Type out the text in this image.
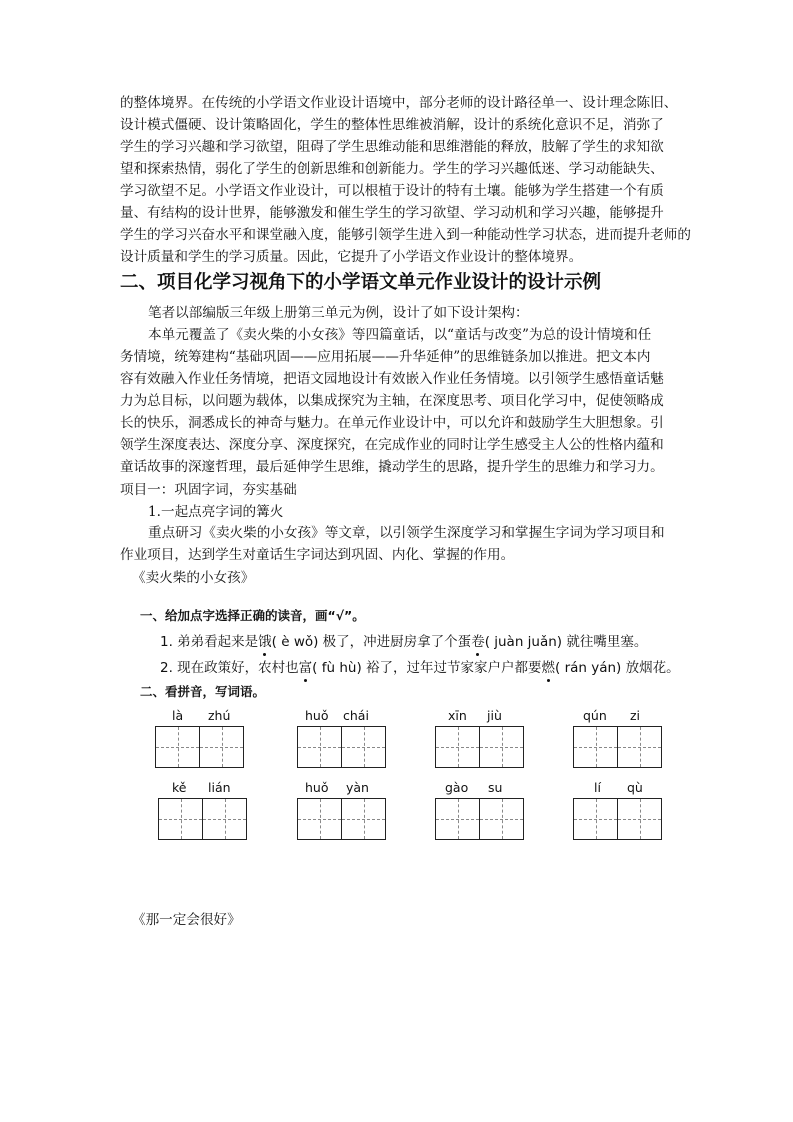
的整体境界。在传统的小学语文作业设计语境中，部分老师的设计路径单一、设计理念陈旧、
设计模式僵硬、设计策略固化，学生的整体性思维被消解，设计的系统化意识不足，消弥了
学生的学习兴趣和学习欲望，阻碍了学生思维动能和思维潜能的释放，肢解了学生的求知欲
望和探索热情，弱化了学生的创新思维和创新能力。学生的学习兴趣低迷、学习动能缺失、
学习欲望不足。小学语文作业设计，可以根植于设计的特有土壤。能够为学生搭建一个有质
量、有结构的设计世界，能够激发和催生学生的学习欲望、学习动机和学习兴趣，能够提升
学生的学习兴奋水平和课堂融入度，能够引领学生进入到一种能动性学习状态，进而提升老师的
设计质量和学生的学习质量。因此，它提升了小学语文作业设计的整体境界。
二、项目化学习视角下的小学语文单元作业设计的设计示例
笔者以部编版三年级上册第三单元为例，设计了如下设计架构：
本单元覆盖了《卖火柴的小女孩》等四篇童话，以“童话与改变”为总的设计情境和任
务情境，统筹建构“基础巩固——应用拓展——升华延伸”的思维链条加以推进。把文本内
容有效融入作业任务情境，把语文园地设计有效嵌入作业任务情境。以引领学生感悟童话魅
力为总目标，以问题为载体，以集成探究为主轴，在深度思考、项目化学习中，促使领略成
长的快乐，洞悉成长的神奇与魅力。在单元作业设计中，可以允许和鼓励学生大胆想象。引
领学生深度表达、深度分享、深度探究，在完成作业的同时让学生感受主人公的性格内蕴和
童话故事的深邃哲理，最后延伸学生思维，撬动学生的思路，提升学生的思维力和学习力。
项目一：巩固字词，夯实基础
1.一起点亮字词的篝火
重点研习《卖火柴的小女孩》等文章，以引领学生深度学习和掌握生字词为学习项目和
作业项目，达到学生对童话生字词达到巩固、内化、掌握的作用。
《卖火柴的小女孩》
一、给加点字选择正确的读音，画“√”。
1. 弟弟看起来是饿( è wǒ) 极了，冲进厨房拿了个蛋卷( juàn juǎn) 就往嘴里塞。
2. 现在政策好，农村也富( fù hù) 裕了，过年过节家家户户都要燃( rán yán) 放烟花。
二、看拼音，写词语。
là zhú	huǒ chái	xīn jiù	qún zi
kě lián	huǒ yàn	gào su	lí qù
《那一定会很好》
